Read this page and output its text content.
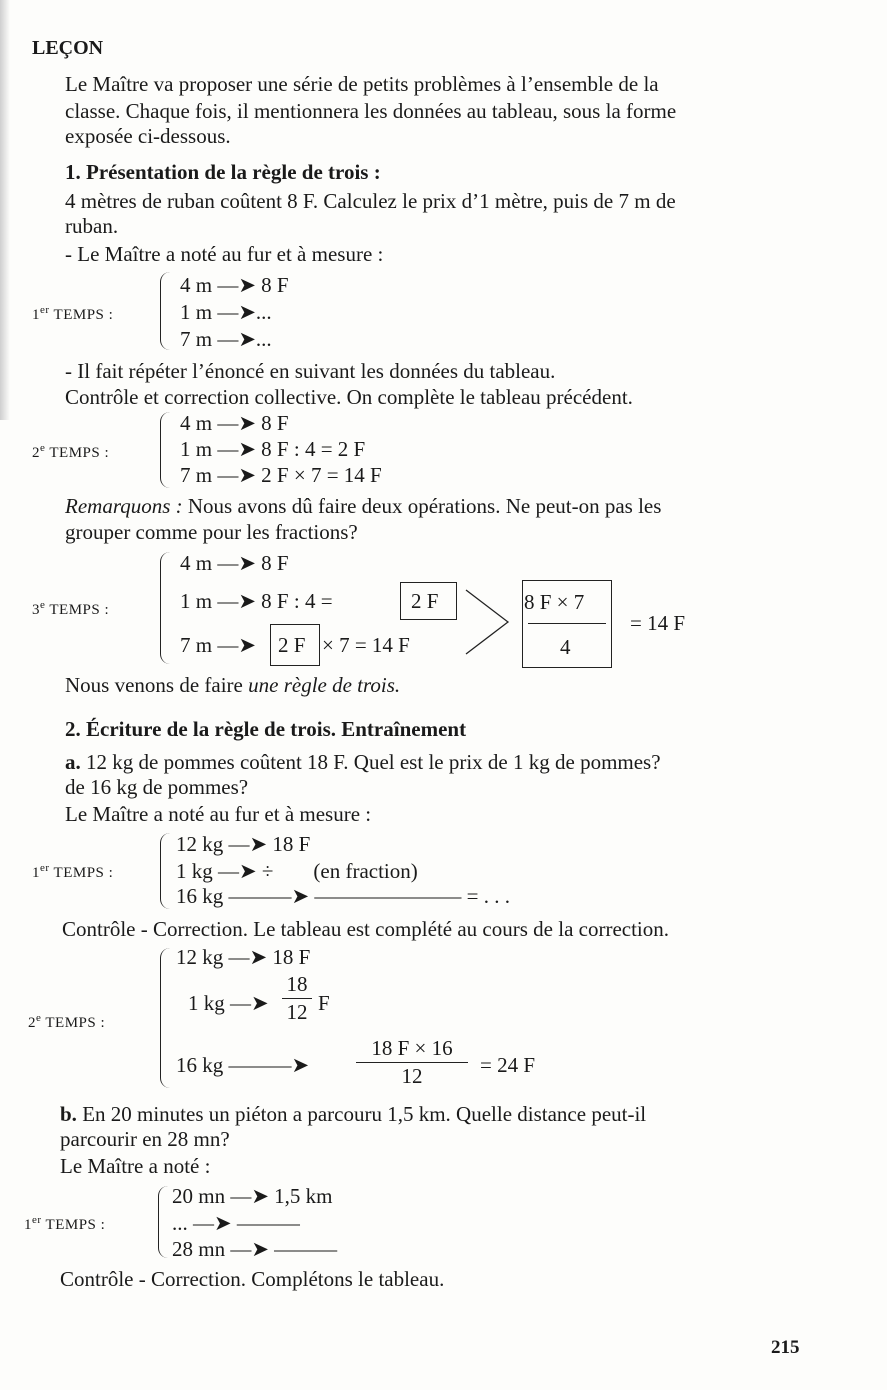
LEÇON
Le Maître va proposer une série de petits problèmes à l’ensemble de la
classe. Chaque fois, il mentionnera les données au tableau, sous la forme
exposée ci-dessous.
1. Présentation de la règle de trois :
4 mètres de ruban coûtent 8 F. Calculez le prix d’1 mètre, puis de 7 m de
ruban.
- Le Maître a noté au fur et à mesure :
1er TEMPS :
4 m —➤ 8 F
1 m —➤...
7 m —➤...
- Il fait répéter l’énoncé en suivant les données du tableau.
Contrôle et correction collective. On complète le tableau précédent.
2e TEMPS :
4 m —➤ 8 F
1 m —➤ 8 F : 4 = 2 F
7 m —➤ 2 F × 7 = 14 F
Remarquons : Nous avons dû faire deux opérations. Ne peut-on pas les
grouper comme pour les fractions?
3e TEMPS :
4 m —➤ 8 F
1 m —➤ 8 F : 4 =	2 F
7 m —➤ 2 F × 7 = 14 F
8 F × 7
4
= 14 F
Nous venons de faire une règle de trois.
2. Écriture de la règle de trois. Entraînement
a. 12 kg de pommes coûtent 18 F. Quel est le prix de 1 kg de pommes?
de 16 kg de pommes?
Le Maître a noté au fur et à mesure :
1er TEMPS :
12 kg —➤ 18 F
1 kg —➤ ÷ (en fraction)
16 kg ———➤ ——————— = . . .
Contrôle - Correction. Le tableau est complété au cours de la correction.
2e TEMPS :
12 kg —➤ 18 F
1 kg —➤
18
12 F
16 kg ———➤
18 F × 16
12	= 24 F
b. En 20 minutes un piéton a parcouru 1,5 km. Quelle distance peut-il
parcourir en 28 mn?
Le Maître a noté :
1er TEMPS :
20 mn —➤ 1,5 km
... —➤ ———
28 mn —➤ ———
Contrôle - Correction. Complétons le tableau.
215
